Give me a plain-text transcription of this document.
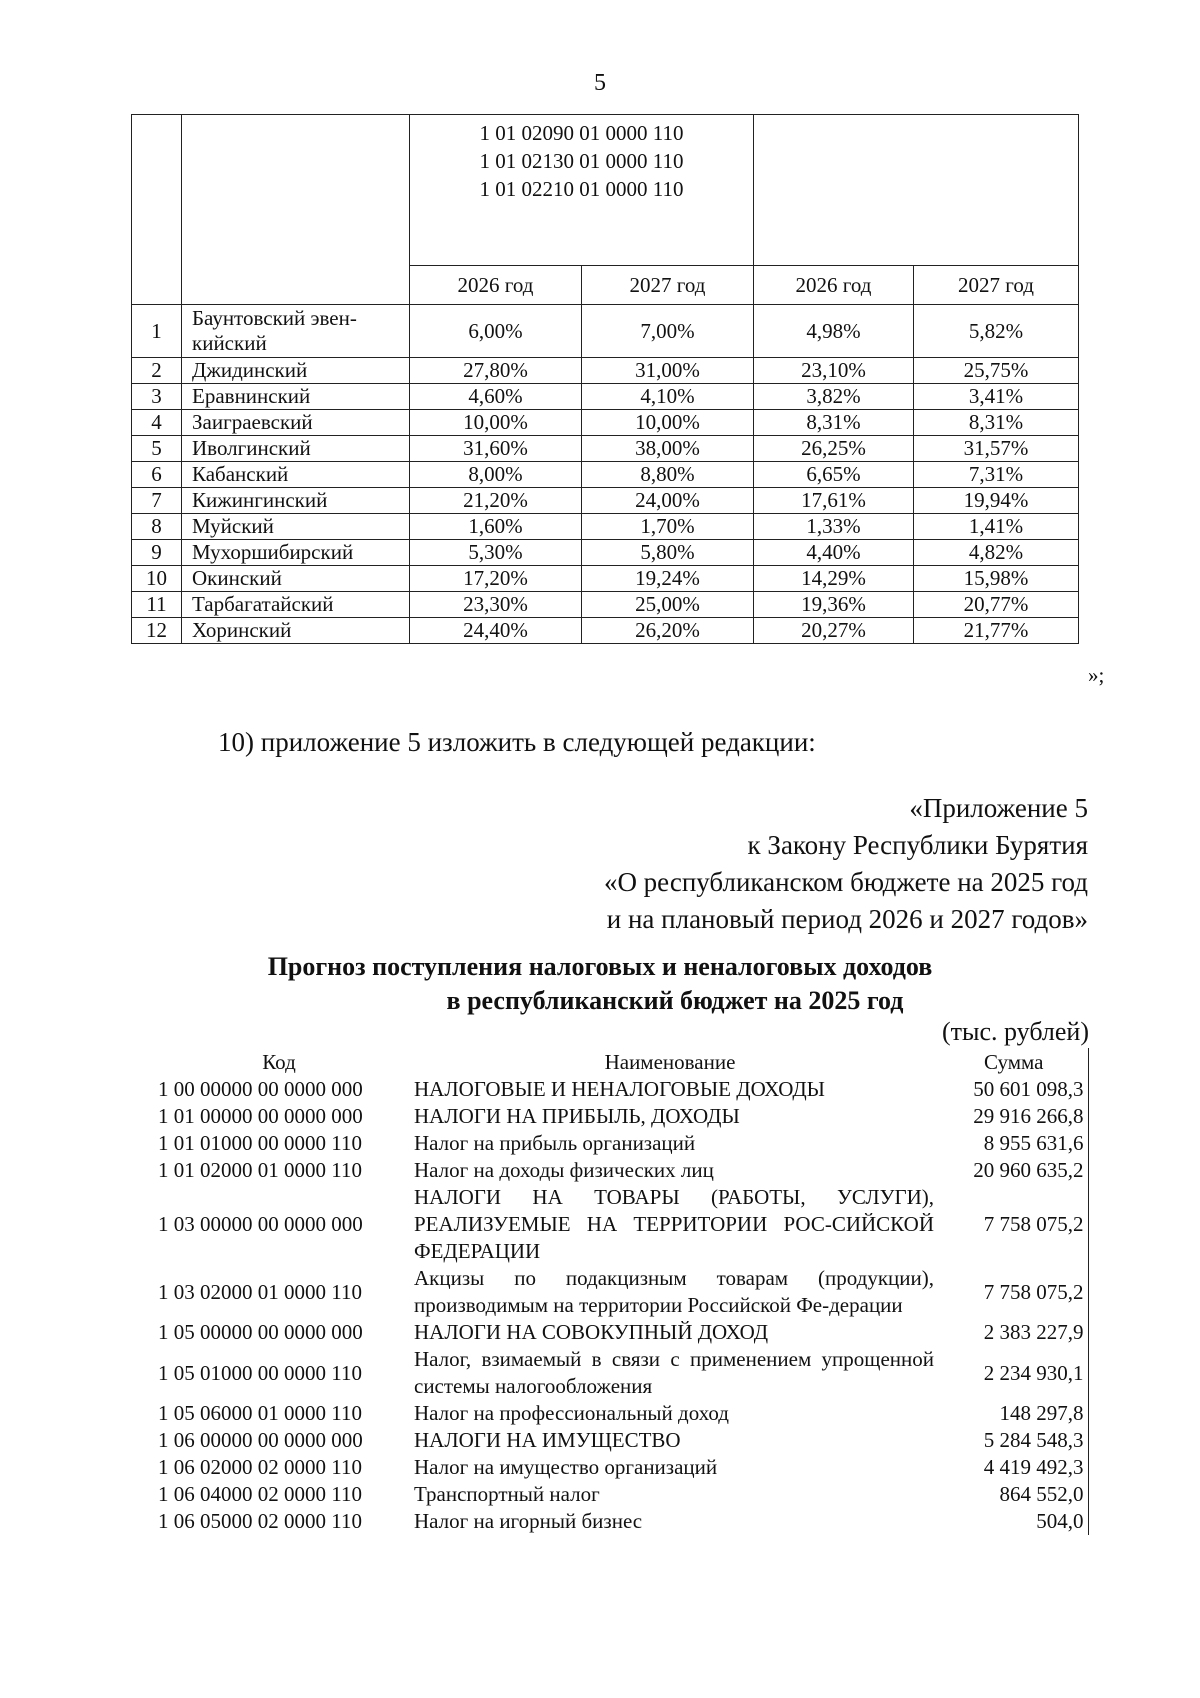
5

		1 01 02090 01 0000 110
1 01 02130 01 0000 110
1 01 02210 01 0000 110			

		2026 год	2027 год	2026 год	2027 год
1	Баунтовский эвен-кийский	6,00%	7,00%	4,98%	5,82%
2	Джидинский	27,80%	31,00%	23,10%	25,75%
3	Еравнинский	4,60%	4,10%	3,82%	3,41%
4	Заиграевский	10,00%	10,00%	8,31%	8,31%
5	Иволгинский	31,60%	38,00%	26,25%	31,57%
6	Кабанский	8,00%	8,80%	6,65%	7,31%
7	Кижингинский	21,20%	24,00%	17,61%	19,94%
8	Муйский	1,60%	1,70%	1,33%	1,41%
9	Мухоршибирский	5,30%	5,80%	4,40%	4,82%
10	Окинский	17,20%	19,24%	14,29%	15,98%
11	Тарбагатайский	23,30%	25,00%	19,36%	20,77%
12	Хоринский	24,40%	26,20%	20,27%	21,77%
»;
10) приложение 5 изложить в следующей редакции:
«Приложение 5
к Закону Республики Бурятия
«О республиканском бюджете на 2025 год
и на плановый период 2026 и 2027 годов»
Прогноз поступления налоговых и неналоговых доходов
в республиканский бюджет на 2025 год
(тыс. рублей)
Код	Наименование	Сумма
1 00 00000 00 0000 000	НАЛОГОВЫЕ И НЕНАЛОГОВЫЕ ДОХОДЫ	50 601 098,3
1 01 00000 00 0000 000	НАЛОГИ НА ПРИБЫЛЬ, ДОХОДЫ	29 916 266,8
1 01 01000 00 0000 110	Налог на прибыль организаций	8 955 631,6
1 01 02000 01 0000 110	Налог на доходы физических лиц	20 960 635,2
1 03 00000 00 0000 000	НАЛОГИ НА ТОВАРЫ (РАБОТЫ, УСЛУГИ), РЕАЛИЗУЕМЫЕ НА ТЕРРИТОРИИ РОС-СИЙСКОЙ ФЕДЕРАЦИИ	7 758 075,2
1 03 02000 01 0000 110	Акцизы по подакцизным товарам (продукции), производимым на территории Российской Фе-дерации	7 758 075,2
1 05 00000 00 0000 000	НАЛОГИ НА СОВОКУПНЫЙ ДОХОД	2 383 227,9
1 05 01000 00 0000 110	Налог, взимаемый в связи с применением упрощенной системы налогообложения	2 234 930,1
1 05 06000 01 0000 110	Налог на профессиональный доход	148 297,8
1 06 00000 00 0000 000	НАЛОГИ НА ИМУЩЕСТВО	5 284 548,3
1 06 02000 02 0000 110	Налог на имущество организаций	4 419 492,3
1 06 04000 02 0000 110	Транспортный налог	864 552,0
1 06 05000 02 0000 110	Налог на игорный бизнес	504,0
